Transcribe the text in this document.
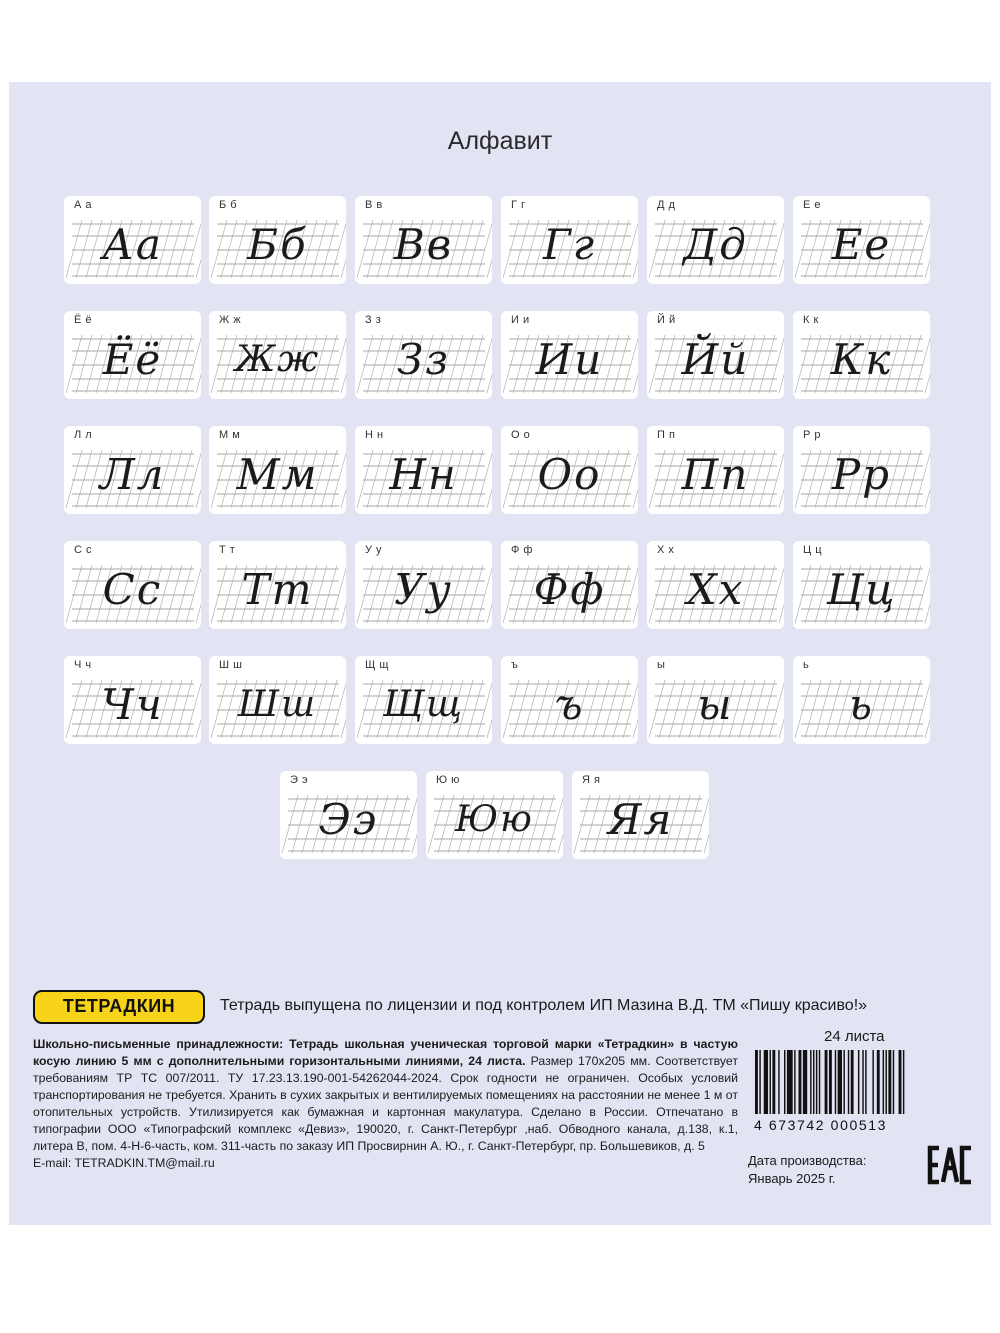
Алфавит
А а
Аа
Б б
Бб
В в
Вв
Г г
Гг
Д д
Дд
Е е
Ее
Ё ё
Ёё
Ж ж
Жж
З з
Зз
И и
Ии
Й й
Йй
К к
Кк
Л л
Лл
М м
Мм
Н н
Нн
О о
Оо
П п
Пп
Р р
Рр
С с
Сс
Т т
Тт
У у
Уу
Ф ф
Фф
Х х
Хх
Ц ц
Цц
Ч ч
Чч
Ш ш
Шш
Щ щ
Щщ
ъ
ъ
ы
ы
ь
ь
Э э
Ээ
Ю ю
Юю
Я я
Яя
ТЕТРАДКИН	Тетрадь выпущена по лицензии и под контролем ИП Мазина В.Д. ТМ «Пишу красиво!»

Школьно-письменные принадлежности: Тетрадь школьная ученическая торговой марки «Тетрадкин» в частую косую линию 5 мм с дополнительными горизонтальными линиями, 24 листа. Размер 170х205 мм. Соответствует требованиям ТР ТС 007/2011. ТУ 17.23.13.190-001-54262044-2024. Срок годности не ограничен. Особых условий транспортирования не требуется. Хранить в сухих закрытых и вентилируемых помещениях на расстоянии не менее 1 м от отопительных устройств. Утилизируется как бумажная и картонная макулатура. Сделано в России. Отпечатано в типографии ООО «Типографский комплекс «Девиз», 190020, г. Санкт-Петербург ,наб. Обводного канала, д.138, к.1, литера В, пом. 4-Н-6-часть, ком. 311-часть по заказу ИП Просвирнин А. Ю., г. Санкт-Петербург, пр. Большевиков, д. 5

E-mail: TETRADKIN.TM@mail.ru

24 листа
4 673742 000513
Дата производства:
Январь 2025 г.
